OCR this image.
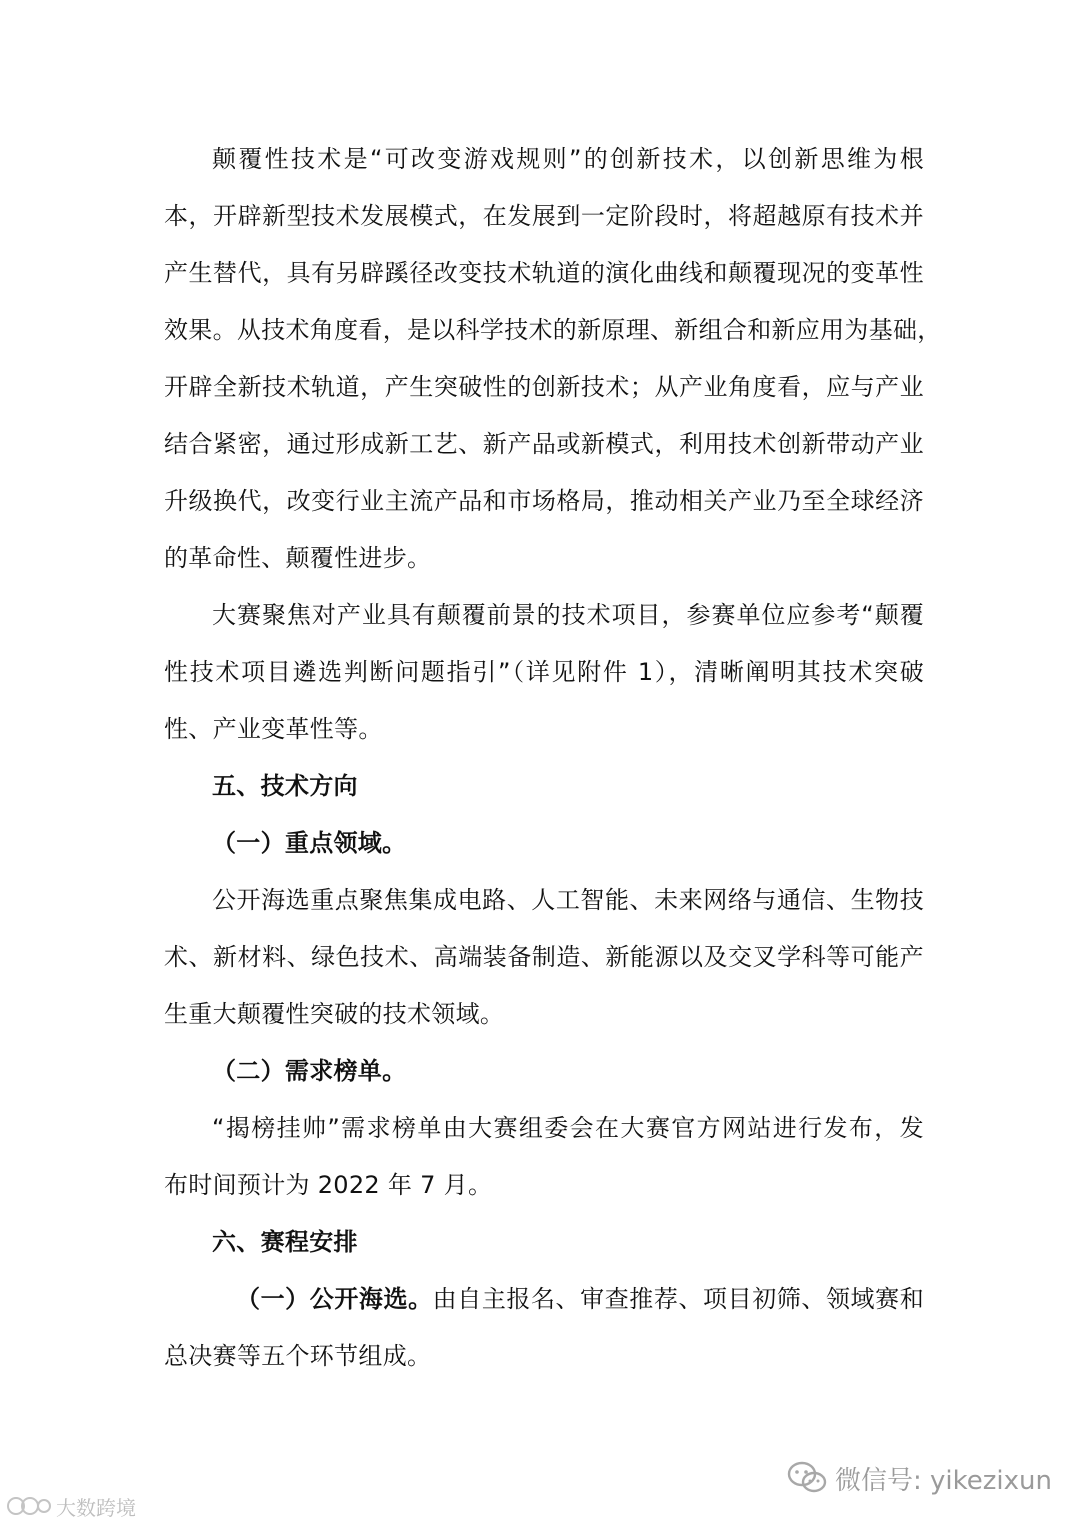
颠覆性技术是“可改变游戏规则”的创新技术，以创新思维为根
本，开辟新型技术发展模式，在发展到一定阶段时，将超越原有技术并
产生替代，具有另辟蹊径改变技术轨道的演化曲线和颠覆现况的变革性
效果。从技术角度看，是以科学技术的新原理、新组合和新应用为基础，
开辟全新技术轨道，产生突破性的创新技术；从产业角度看，应与产业
结合紧密，通过形成新工艺、新产品或新模式，利用技术创新带动产业
升级换代，改变行业主流产品和市场格局，推动相关产业乃至全球经济
的革命性、颠覆性进步。
大赛聚焦对产业具有颠覆前景的技术项目，参赛单位应参考“颠覆
性技术项目遴选判断问题指引”（详见附件 1），清晰阐明其技术突破
性、产业变革性等。
五、技术方向
（一）重点领域。
公开海选重点聚焦集成电路、人工智能、未来网络与通信、生物技
术、新材料、绿色技术、高端装备制造、新能源以及交叉学科等可能产
生重大颠覆性突破的技术领域。
（二）需求榜单。
“揭榜挂帅”需求榜单由大赛组委会在大赛官方网站进行发布，发
布时间预计为 2022 年 7 月。
六、赛程安排
（一）公开海选。由自主报名、审查推荐、项目初筛、领域赛和
总决赛等五个环节组成。
微信号: yikezixun
大数跨境
